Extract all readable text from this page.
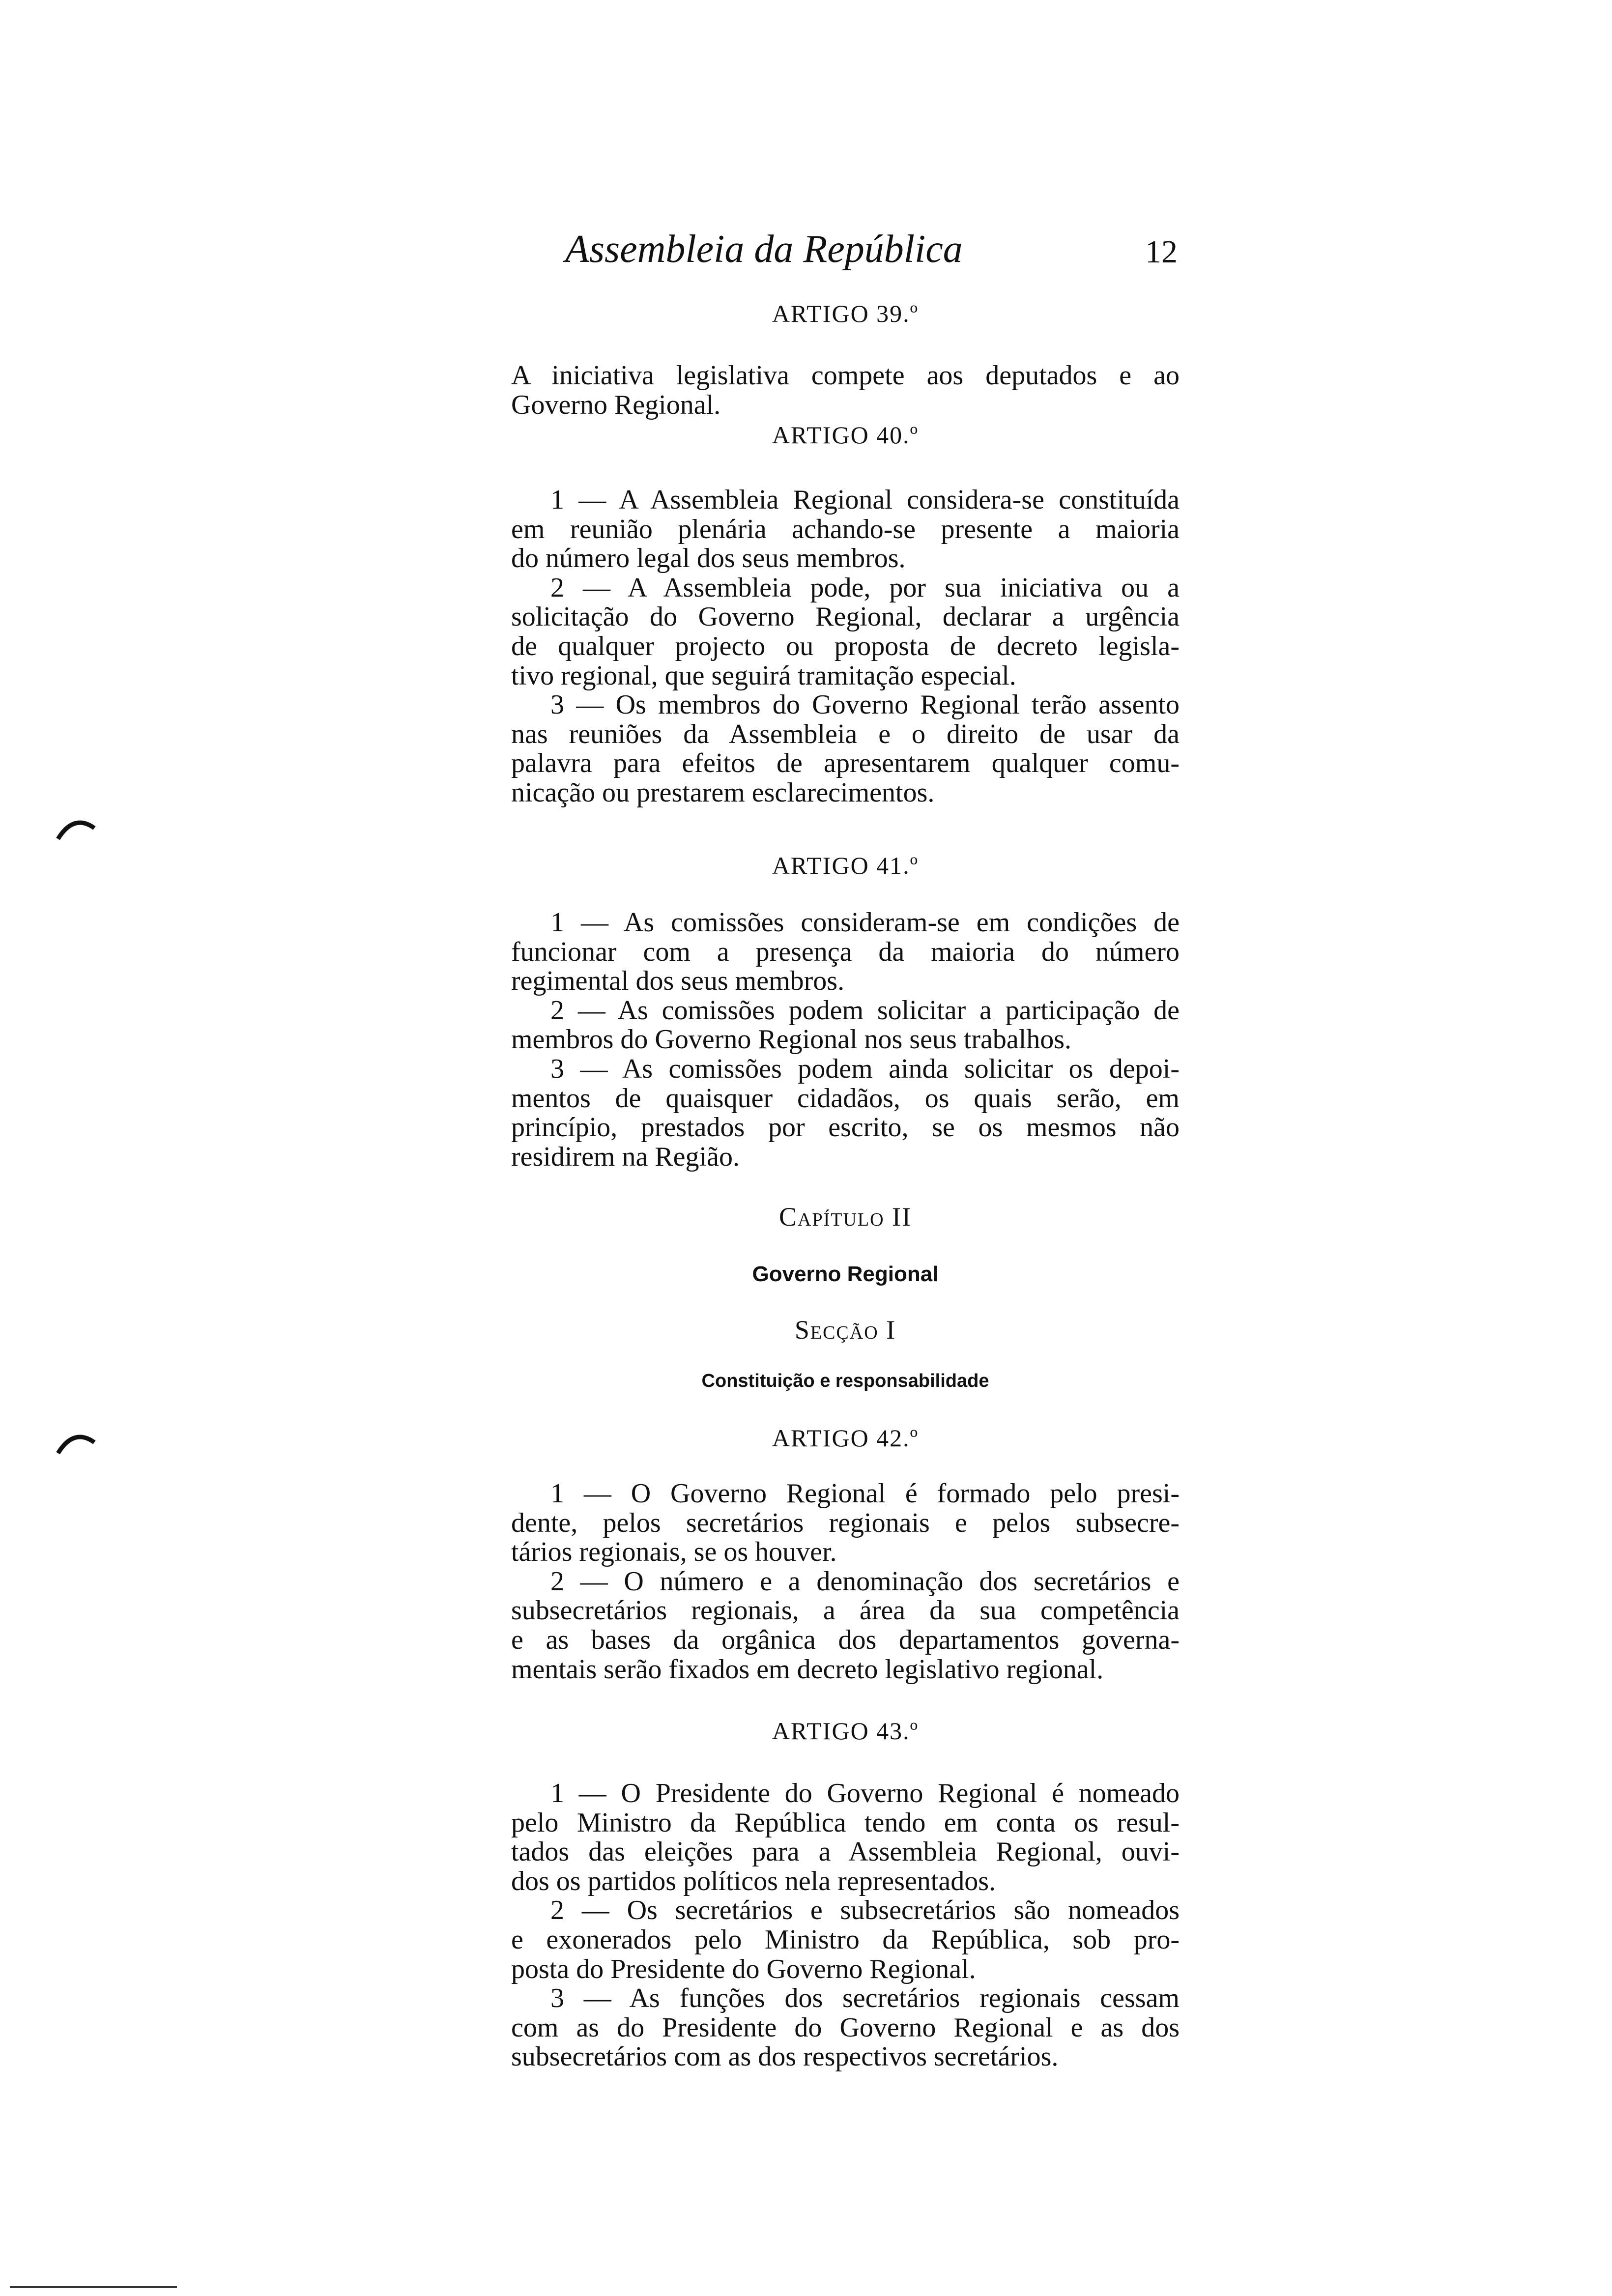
Assembleia da República	12
ARTIGO 39.º
A iniciativa legislativa compete aos deputados e ao
Governo Regional.
ARTIGO 40.º
1 — A Assembleia Regional considera-se constituída
em reunião plenária achando-se presente a maioria
do número legal dos seus membros.
2 — A Assembleia pode, por sua iniciativa ou a
solicitação do Governo Regional, declarar a urgência
de qualquer projecto ou proposta de decreto legisla-
tivo regional, que seguirá tramitação especial.
3 — Os membros do Governo Regional terão assento
nas reuniões da Assembleia e o direito de usar da
palavra para efeitos de apresentarem qualquer comu-
nicação ou prestarem esclarecimentos.
ARTIGO 41.º
1 — As comissões consideram-se em condições de
funcionar com a presença da maioria do número
regimental dos seus membros.
2 — As comissões podem solicitar a participação de
membros do Governo Regional nos seus trabalhos.
3 — As comissões podem ainda solicitar os depoi-
mentos de quaisquer cidadãos, os quais serão, em
princípio, prestados por escrito, se os mesmos não
residirem na Região.
Capítulo II
Governo Regional
Secção I
Constituição e responsabilidade
ARTIGO 42.º
1 — O Governo Regional é formado pelo presi-
dente, pelos secretários regionais e pelos subsecre-
tários regionais, se os houver.
2 — O número e a denominação dos secretários e
subsecretários regionais, a área da sua competência
e as bases da orgânica dos departamentos governa-
mentais serão fixados em decreto legislativo regional.
ARTIGO 43.º
1 — O Presidente do Governo Regional é nomeado
pelo Ministro da República tendo em conta os resul-
tados das eleições para a Assembleia Regional, ouvi-
dos os partidos políticos nela representados.
2 — Os secretários e subsecretários são nomeados
e exonerados pelo Ministro da República, sob pro-
posta do Presidente do Governo Regional.
3 — As funções dos secretários regionais cessam
com as do Presidente do Governo Regional e as dos
subsecretários com as dos respectivos secretários.
